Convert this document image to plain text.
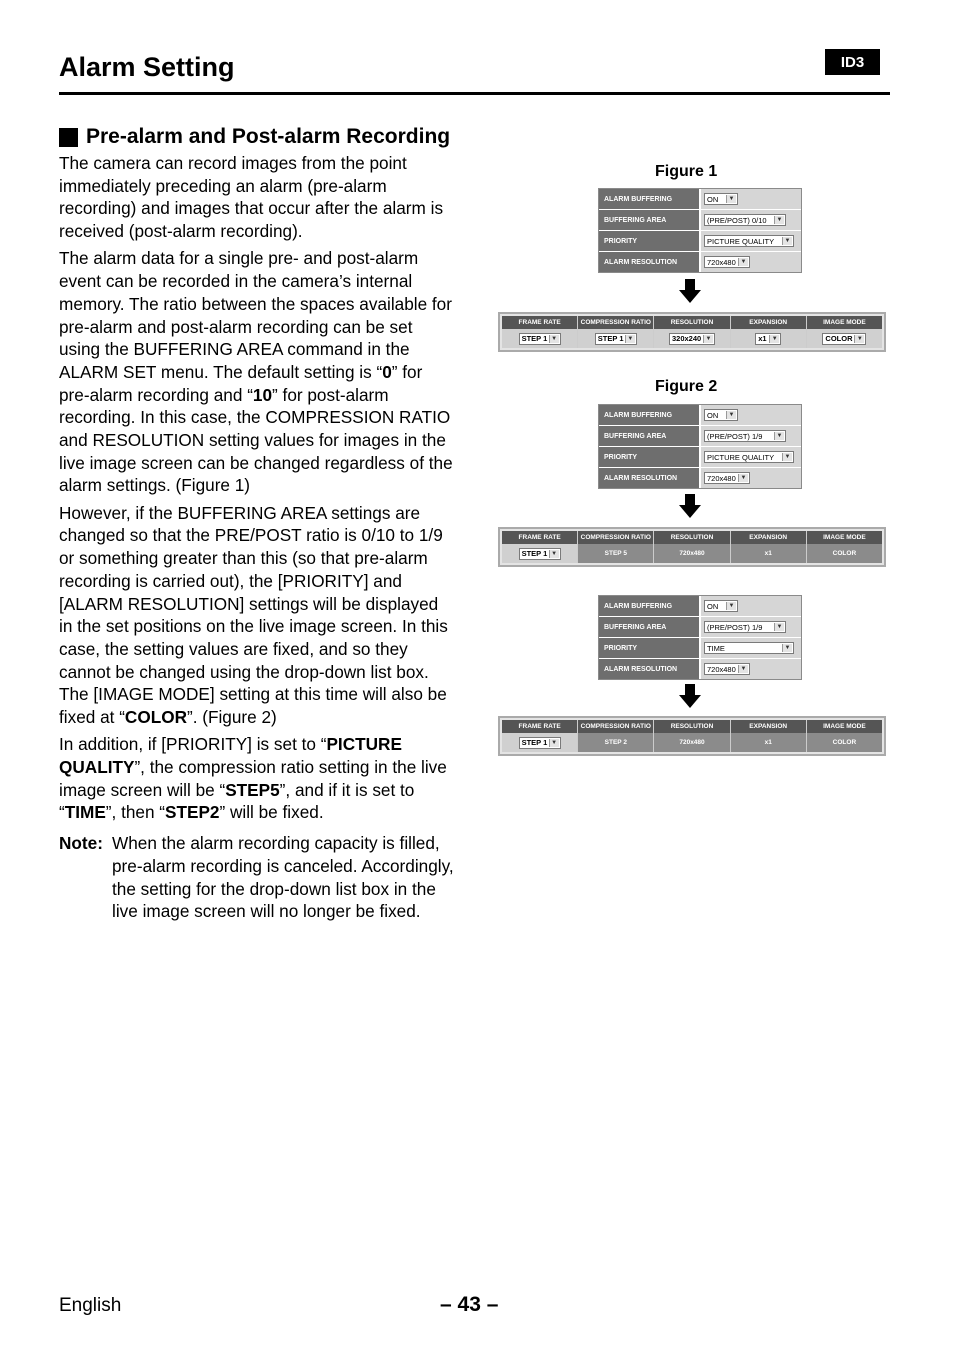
Alarm Setting	ID3
Pre-alarm and Post-alarm Recording

The camera can record images from the point immediately preceding an alarm (pre-alarm recording) and images that occur after the alarm is received (post-alarm recording).

The alarm data for a single pre- and post-alarm event can be recorded in the camera’s internal memory. The ratio between the spaces available for pre-alarm and post-alarm recording can be set using the BUFFERING AREA command in the ALARM SET menu. The default setting is “0” for pre-alarm recording and “10” for post-alarm recording. In this case, the COMPRESSION RATIO and RESOLUTION setting values for images in the live image screen can be changed regardless of the alarm settings. (Figure 1)

However, if the BUFFERING AREA settings are changed so that the PRE/POST ratio is 0/10 to 1/9 or something greater than this (so that pre-alarm recording is carried out), the [PRIORITY] and [ALARM RESOLUTION] settings will be displayed in the set positions on the live image screen. In this case, the setting values are fixed, and so they cannot be changed using the drop-down list box. The [IMAGE MODE] setting at this time will also be fixed at “COLOR”. (Figure 2)

In addition, if [PRIORITY] is set to “PICTURE QUALITY”, the compression ratio setting in the live image screen will be “STEP5”, and if it is set to “TIME”, then “STEP2” will be fixed.

Note: When the alarm recording capacity is filled, pre-alarm recording is canceled. Accordingly, the setting for the drop-down list box in the live image screen will no longer be fixed.
Figure 1
ALARM BUFFERING	ON	▼
BUFFERING AREA	(PRE/POST) 0/10	▼
PRIORITY	PICTURE QUALITY	▼
ALARM RESOLUTION	720x480 ▼
FRAME RATE	COMPRESSION RATIO	RESOLUTION	EXPANSION	IMAGE MODE
STEP 1 ▼	STEP 1 ▼	320x240 ▼	x1 ▼	COLOR ▼
Figure 2
ALARM BUFFERING	ON	▼
BUFFERING AREA	(PRE/POST) 1/9	▼
PRIORITY	PICTURE QUALITY	▼
ALARM RESOLUTION	720x480 ▼
FRAME RATE	COMPRESSION RATIO	RESOLUTION	EXPANSION	IMAGE MODE
STEP 1 ▼	STEP 5	720x480	x1	COLOR
ALARM BUFFERING	ON	▼
BUFFERING AREA	(PRE/POST) 1/9	▼
PRIORITY	TIME	▼
ALARM RESOLUTION	720x480 ▼
FRAME RATE	COMPRESSION RATIO	RESOLUTION	EXPANSION	IMAGE MODE
STEP 1 ▼	STEP 2	720x480	x1	COLOR
English	– 43 –
